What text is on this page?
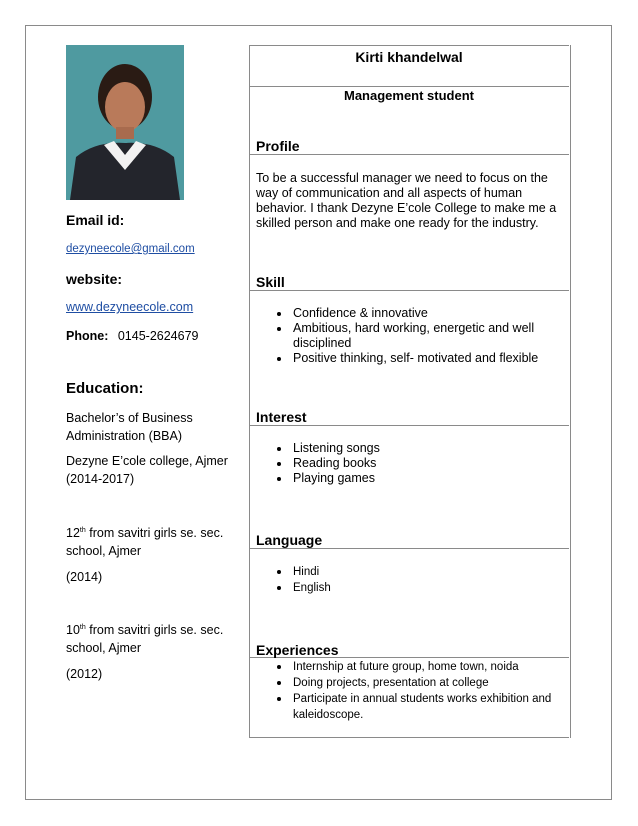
Email id:
dezyneecole@gmail.com
website:
www.dezyneecole.com
Phone: 0145-2624679
Education:
Bachelor’s of Business Administration (BBA)
Dezyne E’cole college, Ajmer
(2014-2017)
12th from savitri girls se. sec. school, Ajmer
(2014)
10th from savitri girls se. sec. school, Ajmer
(2012)
Kirti khandelwal
Management student
Profile
To be a successful manager we need to focus on the way of communication and all aspects of human behavior. I thank Dezyne E’cole College to make me a skilled person and make one ready for the industry.
Skill
Confidence & innovative
Ambitious, hard working, energetic and well disciplined
Positive thinking, self- motivated and flexible
Interest
Listening songs
Reading books
Playing games
Language
Hindi
English
Experiences
Internship at future group, home town, noida
Doing projects, presentation at college
Participate in annual students works exhibition and kaleidoscope.
